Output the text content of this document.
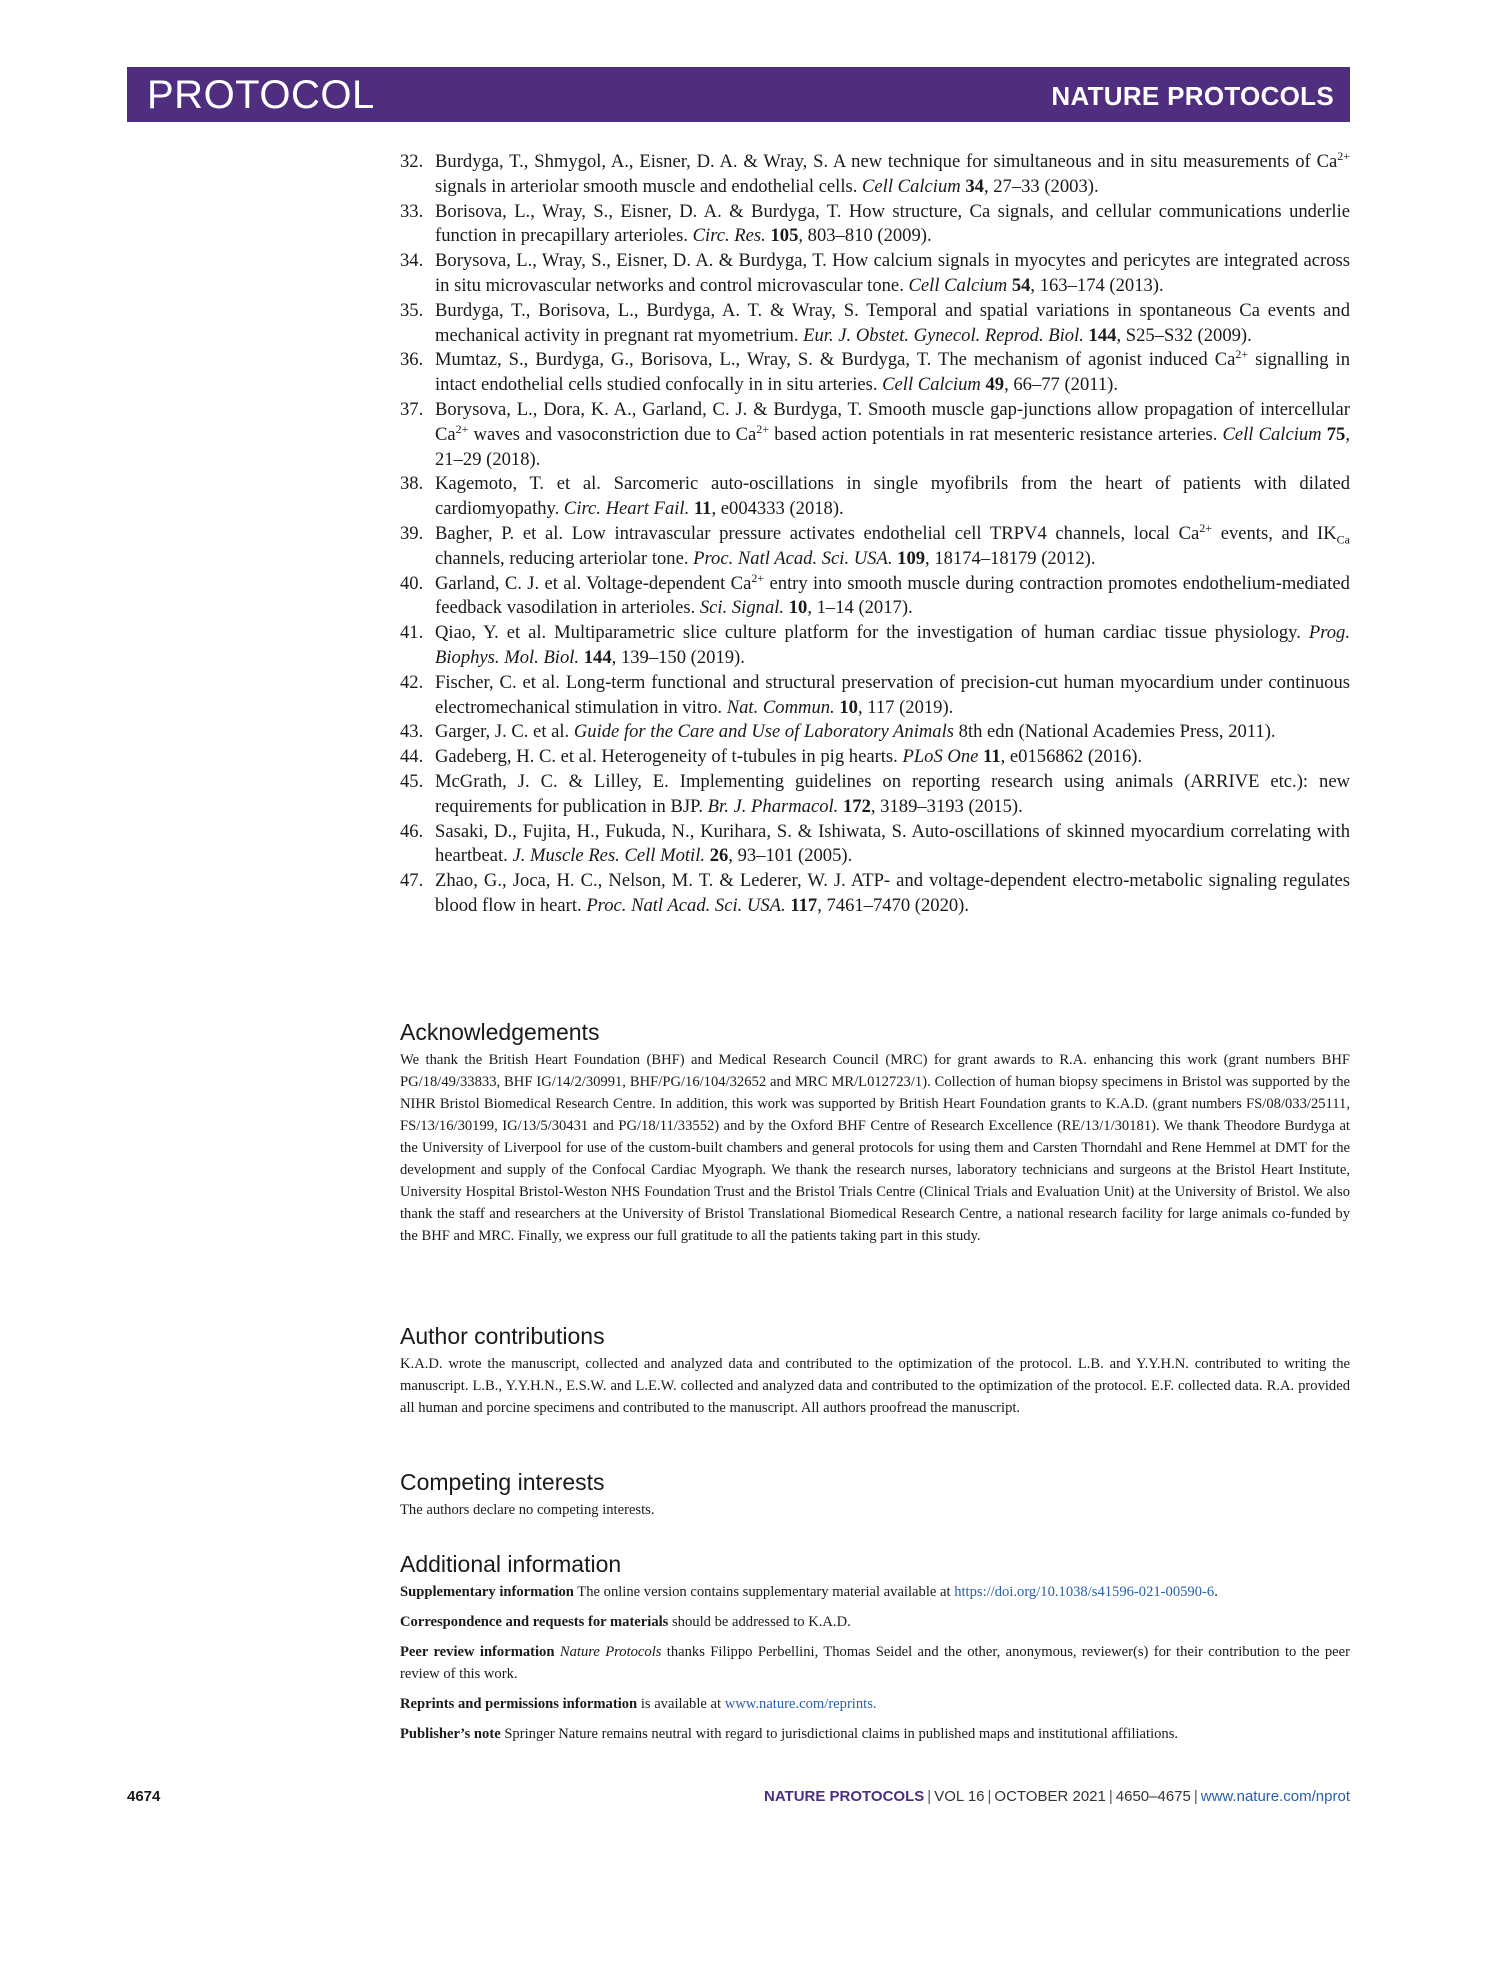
PROTOCOL	NATURE PROTOCOLS

32. Burdyga, T., Shmygol, A., Eisner, D. A. & Wray, S. A new technique for simultaneous and in situ measurements of $Ca^{2+}$ signals in arteriolar smooth muscle and endothelial cells. Cell Calcium 34, 27–33 (2003).

33. Borisova, L., Wray, S., Eisner, D. A. & Burdyga, T. How structure, Ca signals, and cellular communications underlie function in precapillary arterioles. Circ. Res. 105, 803–810 (2009).

34. Borysova, L., Wray, S., Eisner, D. A. & Burdyga, T. How calcium signals in myocytes and pericytes are integrated across in situ microvascular networks and control microvascular tone. Cell Calcium 54, 163–174 (2013).

35. Burdyga, T., Borisova, L., Burdyga, A. T. & Wray, S. Temporal and spatial variations in spontaneous Ca events and mechanical activity in pregnant rat myometrium. Eur. J. Obstet. Gynecol. Reprod. Biol. 144, S25–S32 (2009).

36. Mumtaz, S., Burdyga, G., Borisova, L., Wray, S. & Burdyga, T. The mechanism of agonist induced $Ca^{2+}$ signalling in intact endothelial cells studied confocally in in situ arteries. Cell Calcium 49, 66–77 (2011).

37. Borysova, L., Dora, K. A., Garland, C. J. & Burdyga, T. Smooth muscle gap-junctions allow propagation of intercellular $Ca^{2+}$ waves and vasoconstriction due to $Ca^{2+}$ based action potentials in rat mesenteric resistance arteries. Cell Calcium 75, 21–29 (2018).

38. Kagemoto, T. et al. Sarcomeric auto-oscillations in single myofibrils from the heart of patients with dilated cardiomyopathy. Circ. Heart Fail. 11, e004333 (2018).

39. Bagher, P. et al. Low intravascular pressure activates endothelial cell TRPV4 channels, local $Ca^{2+}$ events, and $IK_{Ca}$ channels, reducing arteriolar tone. Proc. Natl Acad. Sci. USA. 109, 18174–18179 (2012).

40. Garland, C. J. et al. Voltage-dependent $Ca^{2+}$ entry into smooth muscle during contraction promotes endothelium-mediated feedback vasodilation in arterioles. Sci. Signal. 10, 1–14 (2017).

41. Qiao, Y. et al. Multiparametric slice culture platform for the investigation of human cardiac tissue physiology. Prog. Biophys. Mol. Biol. 144, 139–150 (2019).

42. Fischer, C. et al. Long-term functional and structural preservation of precision-cut human myocardium under continuous electromechanical stimulation in vitro. Nat. Commun. 10, 117 (2019).

43. Garger, J. C. et al. Guide for the Care and Use of Laboratory Animals 8th edn (National Academies Press, 2011).

44. Gadeberg, H. C. et al. Heterogeneity of t-tubules in pig hearts. PLoS One 11, e0156862 (2016).

45. McGrath, J. C. & Lilley, E. Implementing guidelines on reporting research using animals (ARRIVE etc.): new requirements for publication in BJP. Br. J. Pharmacol. 172, 3189–3193 (2015).

46. Sasaki, D., Fujita, H., Fukuda, N., Kurihara, S. & Ishiwata, S. Auto-oscillations of skinned myocardium correlating with heartbeat. J. Muscle Res. Cell Motil. 26, 93–101 (2005).

47. Zhao, G., Joca, H. C., Nelson, M. T. & Lederer, W. J. ATP- and voltage-dependent electro-metabolic signaling regulates blood flow in heart. Proc. Natl Acad. Sci. USA. 117, 7461–7470 (2020).

Acknowledgements

We thank the British Heart Foundation (BHF) and Medical Research Council (MRC) for grant awards to R.A. enhancing this work (grant numbers BHF PG/18/49/33833, BHF IG/14/2/30991, BHF/PG/16/104/32652 and MRC MR/L012723/1). Collection of human biopsy specimens in Bristol was supported by the NIHR Bristol Biomedical Research Centre. In addition, this work was supported by British Heart Foundation grants to K.A.D. (grant numbers FS/08/033/25111, FS/13/16/30199, IG/13/5/30431 and PG/18/11/33552) and by the Oxford BHF Centre of Research Excellence (RE/13/1/30181). We thank Theodore Burdyga at the University of Liverpool for use of the custom-built chambers and general protocols for using them and Carsten Thorndahl and Rene Hemmel at DMT for the development and supply of the Confocal Cardiac Myograph. We thank the research nurses, laboratory technicians and surgeons at the Bristol Heart Institute, University Hospital Bristol-Weston NHS Foundation Trust and the Bristol Trials Centre (Clinical Trials and Evaluation Unit) at the University of Bristol. We also thank the staff and researchers at the University of Bristol Translational Biomedical Research Centre, a national research facility for large animals co-funded by the BHF and MRC. Finally, we express our full gratitude to all the patients taking part in this study.

Author contributions

K.A.D. wrote the manuscript, collected and analyzed data and contributed to the optimization of the protocol. L.B. and Y.Y.H.N. contributed to writing the manuscript. L.B., Y.Y.H.N., E.S.W. and L.E.W. collected and analyzed data and contributed to the optimization of the protocol. E.F. collected data. R.A. provided all human and porcine specimens and contributed to the manuscript. All authors proofread the manuscript.

Competing interests

The authors declare no competing interests.

Additional information

Supplementary information The online version contains supplementary material available at https://doi.org/10.1038/s41596-021-00590-6.

Correspondence and requests for materials should be addressed to K.A.D.

Peer review information Nature Protocols thanks Filippo Perbellini, Thomas Seidel and the other, anonymous, reviewer(s) for their contribution to the peer review of this work.

Reprints and permissions information is available at www.nature.com/reprints.

Publisher’s note Springer Nature remains neutral with regard to jurisdictional claims in published maps and institutional affiliations.

4674	NATURE PROTOCOLS | VOL 16 | OCTOBER 2021 | 4650–4675 | www.nature.com/nprot
